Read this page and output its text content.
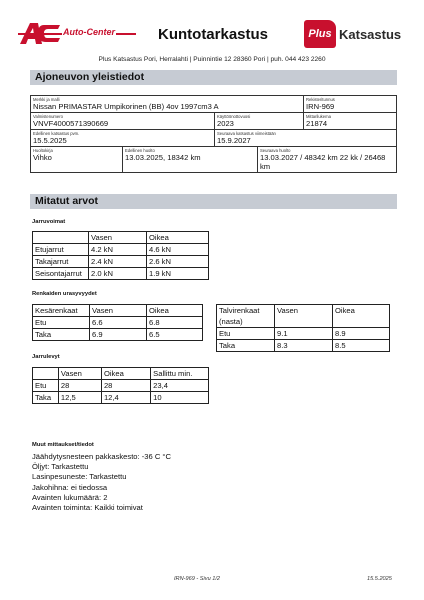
Auto-Center	Kuntotarkastus	Plus Katsastus
Plus Katsastus Pori, Herralahti | Puinnintie 12 28360 Pori | puh. 044 423 2260
Ajoneuvon yleistiedot
Merkki ja malli
Nissan PRIMASTAR Umpikorinen (BB) 4ov 1997cm3 A
Rekisteritunnus
IRN-969
Valmistenumero
VNVF4000571390669
Käyttöönottovuosi
2023
Mittarilukema
21874
Edellinen katsastus pvm.
15.5.2025
Seuraava katsastus viimeistään
15.9.2027
Huoltokirja
Vihko
Edellinen huolto
13.03.2025, 18342 km
Seuraava huolto
13.03.2027 / 48342 km 22 kk / 26468 km
Mitatut arvot
Jarruvoimat
	Vasen	Oikea
Etujarrut	4.2 kN	4.6 kN
Takajarrut	2.4 kN	2.6 kN
Seisontajarrut	2.0 kN	1.9 kN
Renkaiden urasyvyydet
Kesärenkaat	Vasen	Oikea
Etu	6.6	6.8
Taka	6.9	6.5
Talvirenkaat (nasta)	Vasen	Oikea
Etu	9.1	8.9
Taka	8.3	8.5
Jarrulevyt
	Vasen	Oikea	Sallittu min.
Etu	28	28	23,4
Taka	12,5	12,4	10
Muut mittaukset/tiedot
Jäähdytysnesteen pakkaskesto: -36 C °C
Öljyt: Tarkastettu
Lasinpesuneste: Tarkastettu
Jakohihna: ei tiedossa
Avainten lukumäärä: 2
Avainten toiminta: Kaikki toimivat
IRN-969 - Sivu 1/2	15.5.2025
